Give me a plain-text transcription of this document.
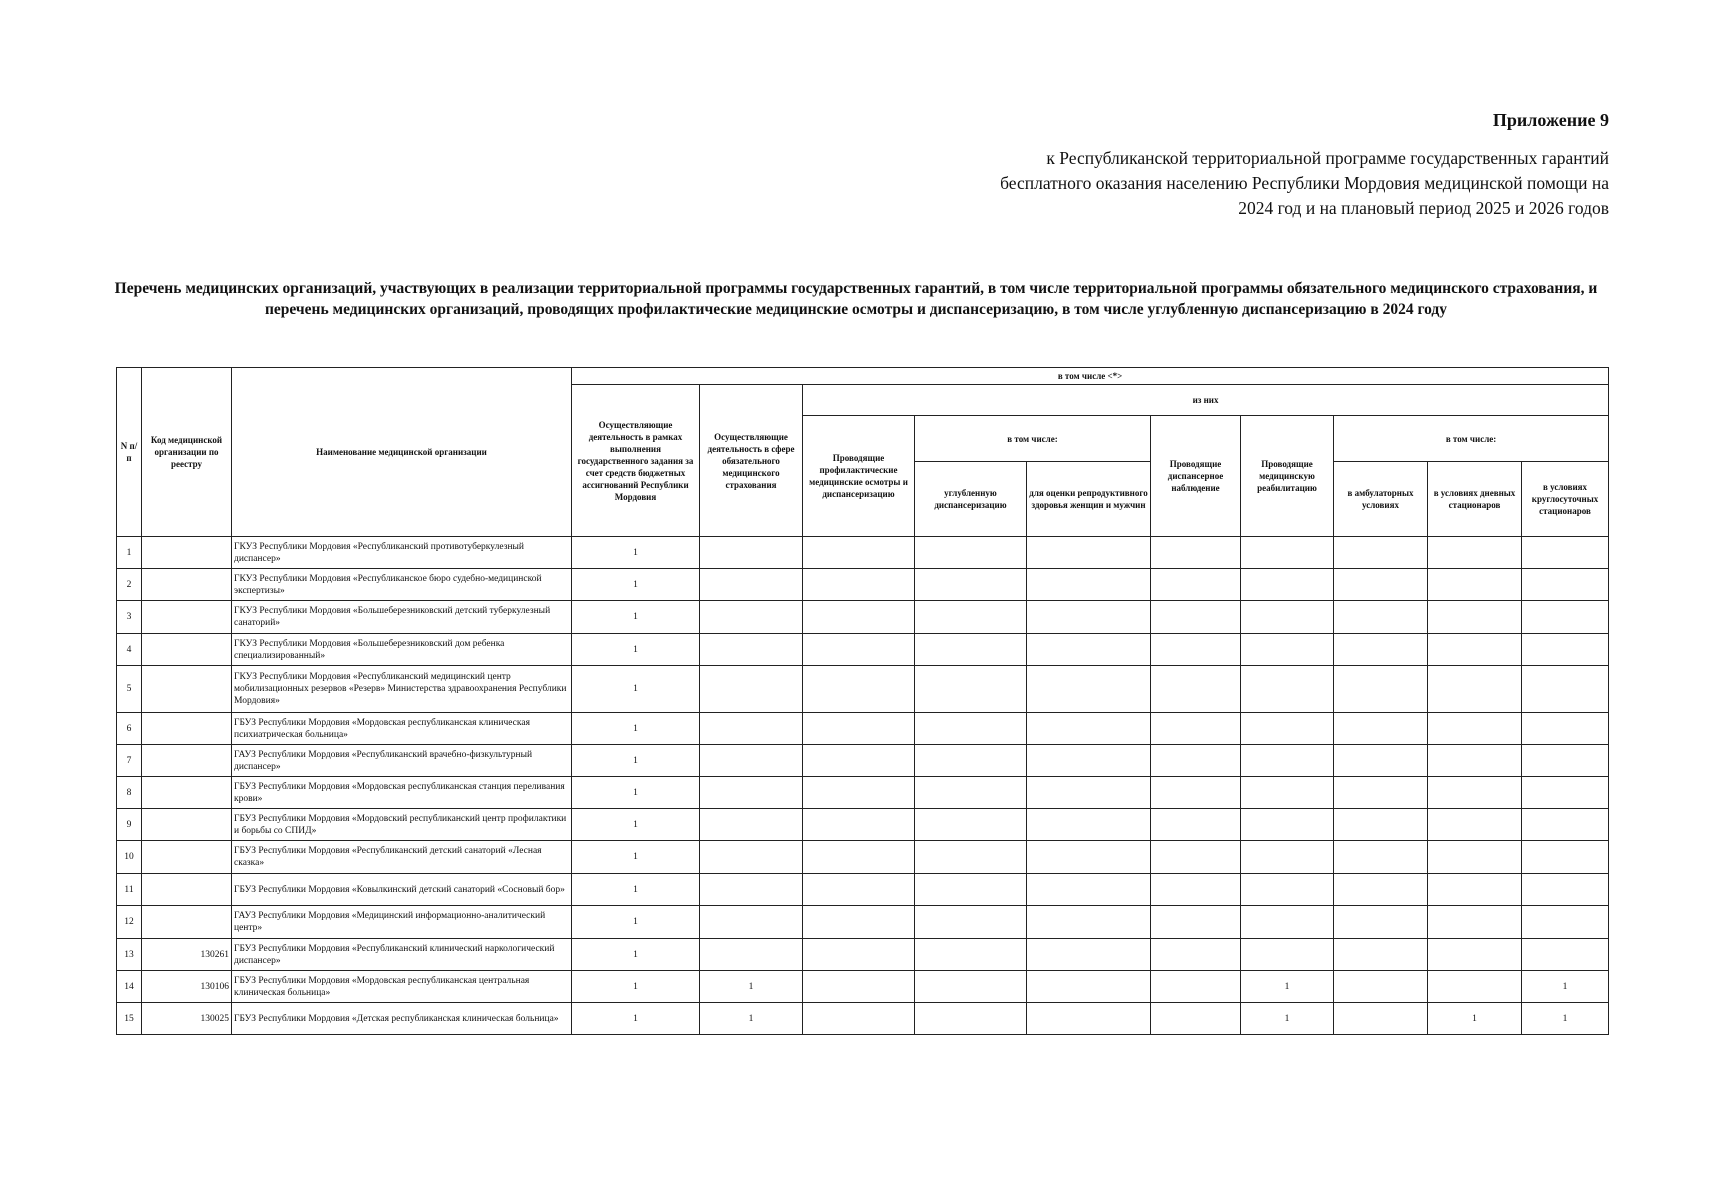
Приложение 9
к Республиканской территориальной программе государственных гарантий бесплатного оказания населению Республики Мордовия медицинской помощи на 2024 год и на плановый период 2025 и 2026 годов
Перечень медицинских организаций, участвующих в реализации территориальной программы государственных гарантий, в том числе территориальной программы обязательного медицинского страхования, и перечень медицинских организаций, проводящих профилактические медицинские осмотры и диспансеризацию, в том числе углубленную диспансеризацию в 2024 году
N п/п	Код медицинской организации по реестру	Наименование медицинской организации	в том числе <*>									
			Осуществляющие деятельность в рамках выполнения государственного задания за счет средств бюджетных ассигнований Республики Мордовия	Осуществляющие деятельность в сфере обязательного медицинского страхования	из них							
					Проводящие профилактические медицинские осмотры и диспансеризацию	в том числе:		Проводящие диспансерное наблюдение	Проводящие медицинскую реабилитацию	в том числе:		
						углубленную диспансеризацию	для оценки репродуктивного здоровья женщин и мужчин			в амбулаторных условиях	в условиях дневных стационаров	в условиях круглосуточных стационаров
1		ГКУЗ Республики Мордовия «Республиканский противотуберкулезный диспансер»	1									
2		ГКУЗ Республики Мордовия «Республиканское бюро судебно-медицинской экспертизы»	1									
3		ГКУЗ Республики Мордовия «Большеберезниковский детский туберкулезный санаторий»	1									
4		ГКУЗ Республики Мордовия «Большеберезниковский дом ребенка специализированный»	1									
5		ГКУЗ Республики Мордовия «Республиканский медицинский центр мобилизационных резервов «Резерв» Министерства здравоохранения Республики Мордовия»	1									
6		ГБУЗ Республики Мордовия «Мордовская республиканская клиническая психиатрическая больница»	1									
7		ГАУЗ Республики Мордовия «Республиканский врачебно-физкультурный диспансер»	1									
8		ГБУЗ Республики Мордовия «Мордовская республиканская станция переливания крови»	1									
9		ГБУЗ Республики Мордовия «Мордовский республиканский центр профилактики и борьбы со СПИД»	1									
10		ГБУЗ Республики Мордовия «Республиканский детский санаторий «Лесная сказка»	1									
11		ГБУЗ Республики Мордовия «Ковылкинский детский санаторий «Сосновый бор»	1									
12		ГАУЗ Республики Мордовия «Медицинский информационно-аналитический центр»	1									
13	130261	ГБУЗ Республики Мордовия «Республиканский клинический наркологический диспансер»	1									
14	130106	ГБУЗ Республики Мордовия «Мордовская республиканская центральная клиническая больница»	1	1					1			1
15	130025	ГБУЗ Республики Мордовия «Детская республиканская клиническая больница»	1	1					1		1	1
